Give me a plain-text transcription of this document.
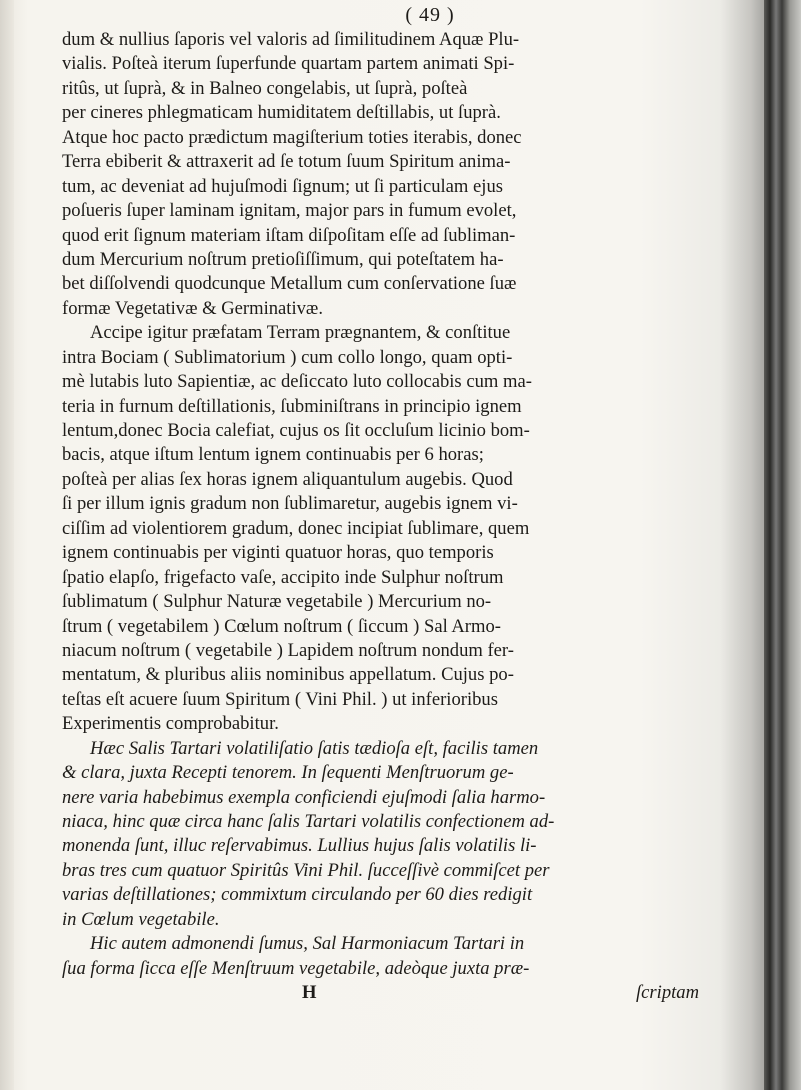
( 49 )
dum & nullius ſaporis vel valoris ad ſimilitudinem Aquæ Plu-
vialis. Poſteà iterum ſuperfunde quartam partem animati Spi-
ritûs, ut ſuprà, & in Balneo congelabis, ut ſuprà, poſteà
per cineres phlegmaticam humiditatem deſtillabis, ut ſuprà.
Atque hoc pacto prædictum magiſterium toties iterabis, donec
Terra ebiberit & attraxerit ad ſe totum ſuum Spiritum anima-
tum, ac deveniat ad hujuſmodi ſignum; ut ſi particulam ejus
poſueris ſuper laminam ignitam, major pars in fumum evolet,
quod erit ſignum materiam iſtam diſpoſitam eſſe ad ſubliman-
dum Mercurium noſtrum pretioſiſſimum, qui poteſtatem ha-
bet diſſolvendi quodcunque Metallum cum conſervatione ſuæ
formæ Vegetativæ & Germinativæ.
Accipe igitur præfatam Terram prægnantem, & conſtitue
intra Bociam ( Sublimatorium ) cum collo longo, quam opti-
mè lutabis luto Sapientiæ, ac deſiccato luto collocabis cum ma-
teria in furnum deſtillationis, ſubminiſtrans in principio ignem
lentum,donec Bocia calefiat, cujus os ſit occluſum licinio bom-
bacis, atque iſtum lentum ignem continuabis per 6 horas;
poſteà per alias ſex horas ignem aliquantulum augebis. Quod
ſi per illum ignis gradum non ſublimaretur, augebis ignem vi-
ciſſim ad violentiorem gradum, donec incipiat ſublimare, quem
ignem continuabis per viginti quatuor horas, quo temporis
ſpatio elapſo, frigefacto vaſe, accipito inde Sulphur noſtrum
ſublimatum ( Sulphur Naturæ vegetabile ) Mercurium no-
ſtrum ( vegetabilem ) Cœlum noſtrum ( ſiccum ) Sal Armo-
niacum noſtrum ( vegetabile ) Lapidem noſtrum nondum fer-
mentatum, & pluribus aliis nominibus appellatum. Cujus po-
teſtas eſt acuere ſuum Spiritum ( Vini Phil. ) ut inferioribus
Experimentis comprobabitur.
Hæc Salis Tartari volatiliſatio ſatis tædioſa eſt, facilis tamen
& clara, juxta Recepti tenorem. In ſequenti Menſtruorum ge-
nere varia habebimus exempla conficiendi ejuſmodi ſalia harmo-
niaca, hinc quæ circa hanc ſalis Tartari volatilis confectionem ad-
monenda ſunt, illuc reſervabimus. Lullius hujus ſalis volatilis li-
bras tres cum quatuor Spiritûs Vini Phil. ſucceſſivè commiſcet per
varias deſtillationes; commixtum circulando per 60 dies redigit
in Cœlum vegetabile.
Hic autem admonendi ſumus, Sal Harmoniacum Tartari in
ſua forma ſicca eſſe Menſtruum vegetabile, adeòque juxta præ-
H	ſcriptam
